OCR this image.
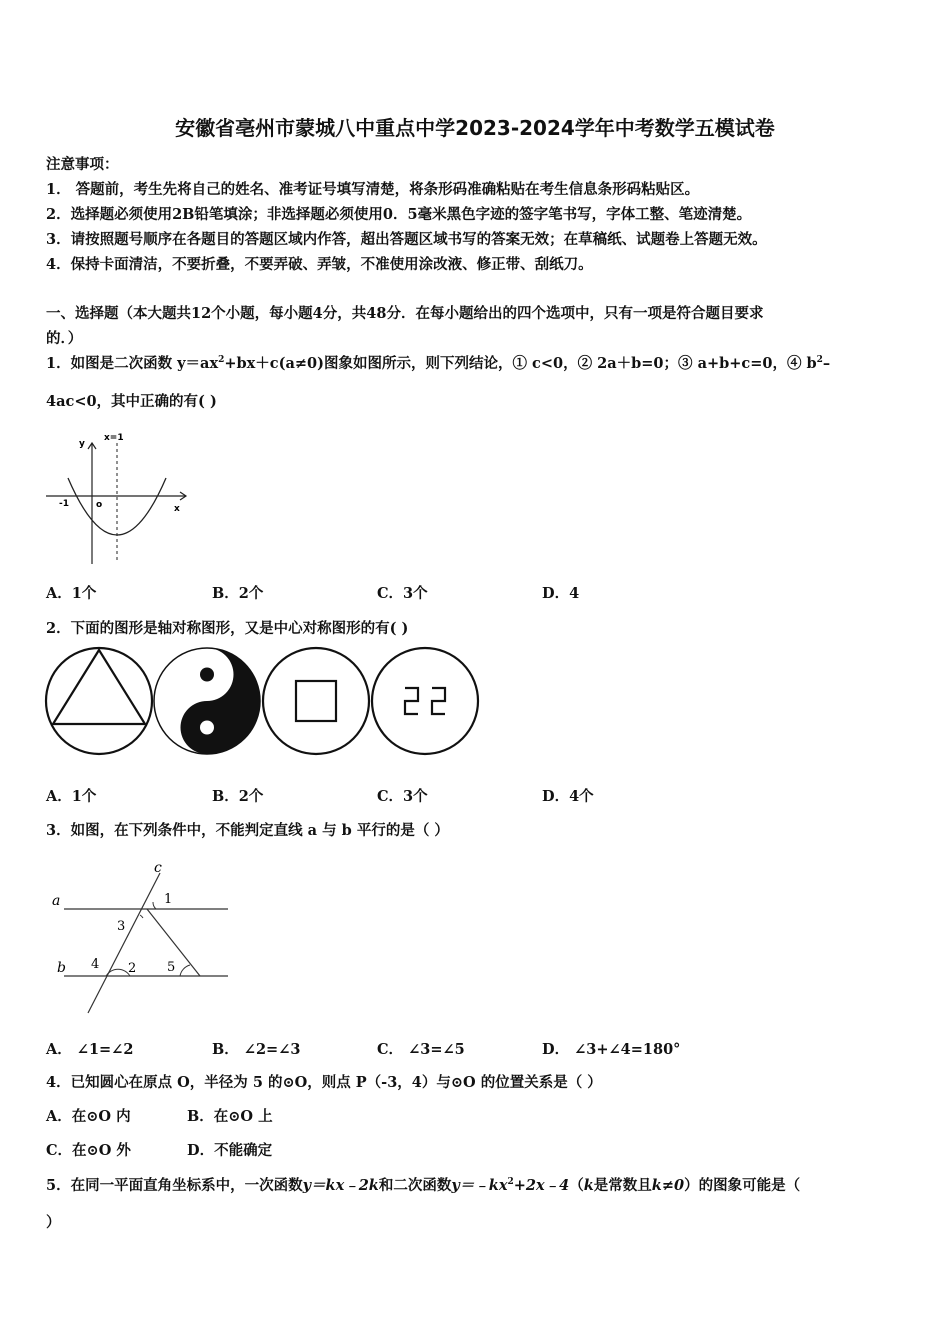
安徽省亳州市蒙城八中重点中学2023-2024学年中考数学五模试卷
注意事项：
1． 答题前，考生先将自己的姓名、准考证号填写清楚，将条形码准确粘贴在考生信息条形码粘贴区。
2．选择题必须使用2B铅笔填涂；非选择题必须使用0．5毫米黑色字迹的签字笔书写，字体工整、笔迹清楚。
3．请按照题号顺序在各题目的答题区域内作答，超出答题区域书写的答案无效；在草稿纸、试题卷上答题无效。
4．保持卡面清洁，不要折叠，不要弄破、弄皱，不准使用涂改液、修正带、刮纸刀。
一、选择题（本大题共12个小题，每小题4分，共48分．在每小题给出的四个选项中，只有一项是符合题目要求
的．）
1．如图是二次函数 $y=ax^2+bx+c(a\ne 0)$图象如图所示，则下列结论，① c<0，② 2a＋b=0；③ a+b+c=0，④ $b^2-$
4ac<0，其中正确的有( )
x=1
y
x
o
-1
A．1个	B．2个	C．3个	D．4
2．下面的图形是轴对称图形，又是中心对称图形的有( )
A．1个	B．2个	C．3个	D．4个
3．如图，在下列条件中，不能判定直线 a 与 b 平行的是（ ）
a
b
c
1
3
4 2 5
A． ∠1=∠2	B． ∠2=∠3	C． ∠3=∠5	D． ∠3+∠4=180°
4．已知圆心在原点 O，半径为 5 的⊙O，则点 P（-3，4）与⊙O 的位置关系是（ ）
A．在⊙O 内	B．在⊙O 上
C．在⊙O 外	D．不能确定
5．在同一平面直角坐标系中，一次函数y＝kx﹣2k和二次函数$y=﹣kx^2+2x﹣4(k$是常数且k≠0）的图象可能是（
）
